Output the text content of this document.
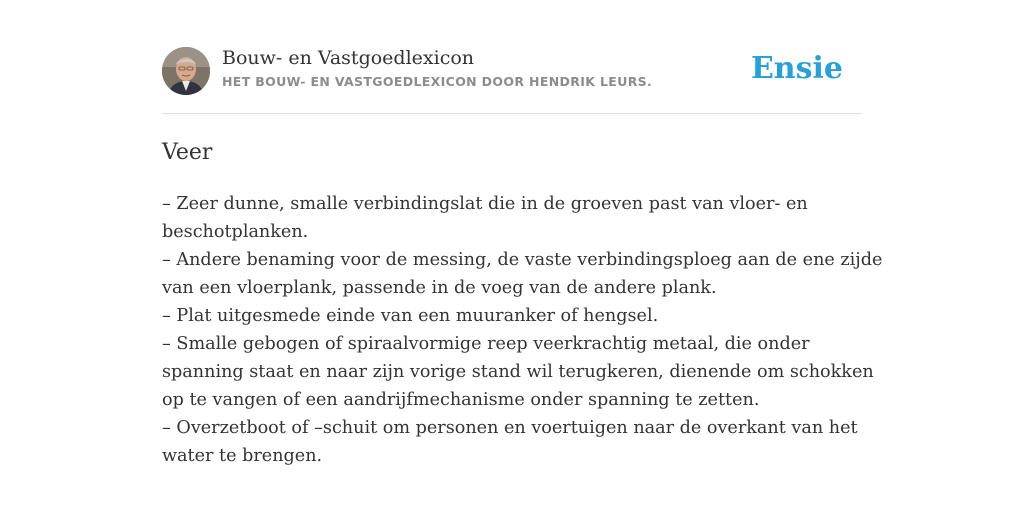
Bouw- en Vastgoedlexicon
HET BOUW- EN VASTGOEDLEXICON DOOR HENDRIK LEURS.	Ensie
Veer
– Zeer dunne, smalle verbindingslat die in de groeven past van vloer- en
beschotplanken.
– Andere benaming voor de messing, de vaste verbindingsploeg aan de ene zijde
van een vloerplank, passende in de voeg van de andere plank.
– Plat uitgesmede einde van een muuranker of hengsel.
– Smalle gebogen of spiraalvormige reep veerkrachtig metaal, die onder
spanning staat en naar zijn vorige stand wil terugkeren, dienende om schokken
op te vangen of een aandrijfmechanisme onder spanning te zetten.
– Overzetboot of –schuit om personen en voertuigen naar de overkant van het
water te brengen.
